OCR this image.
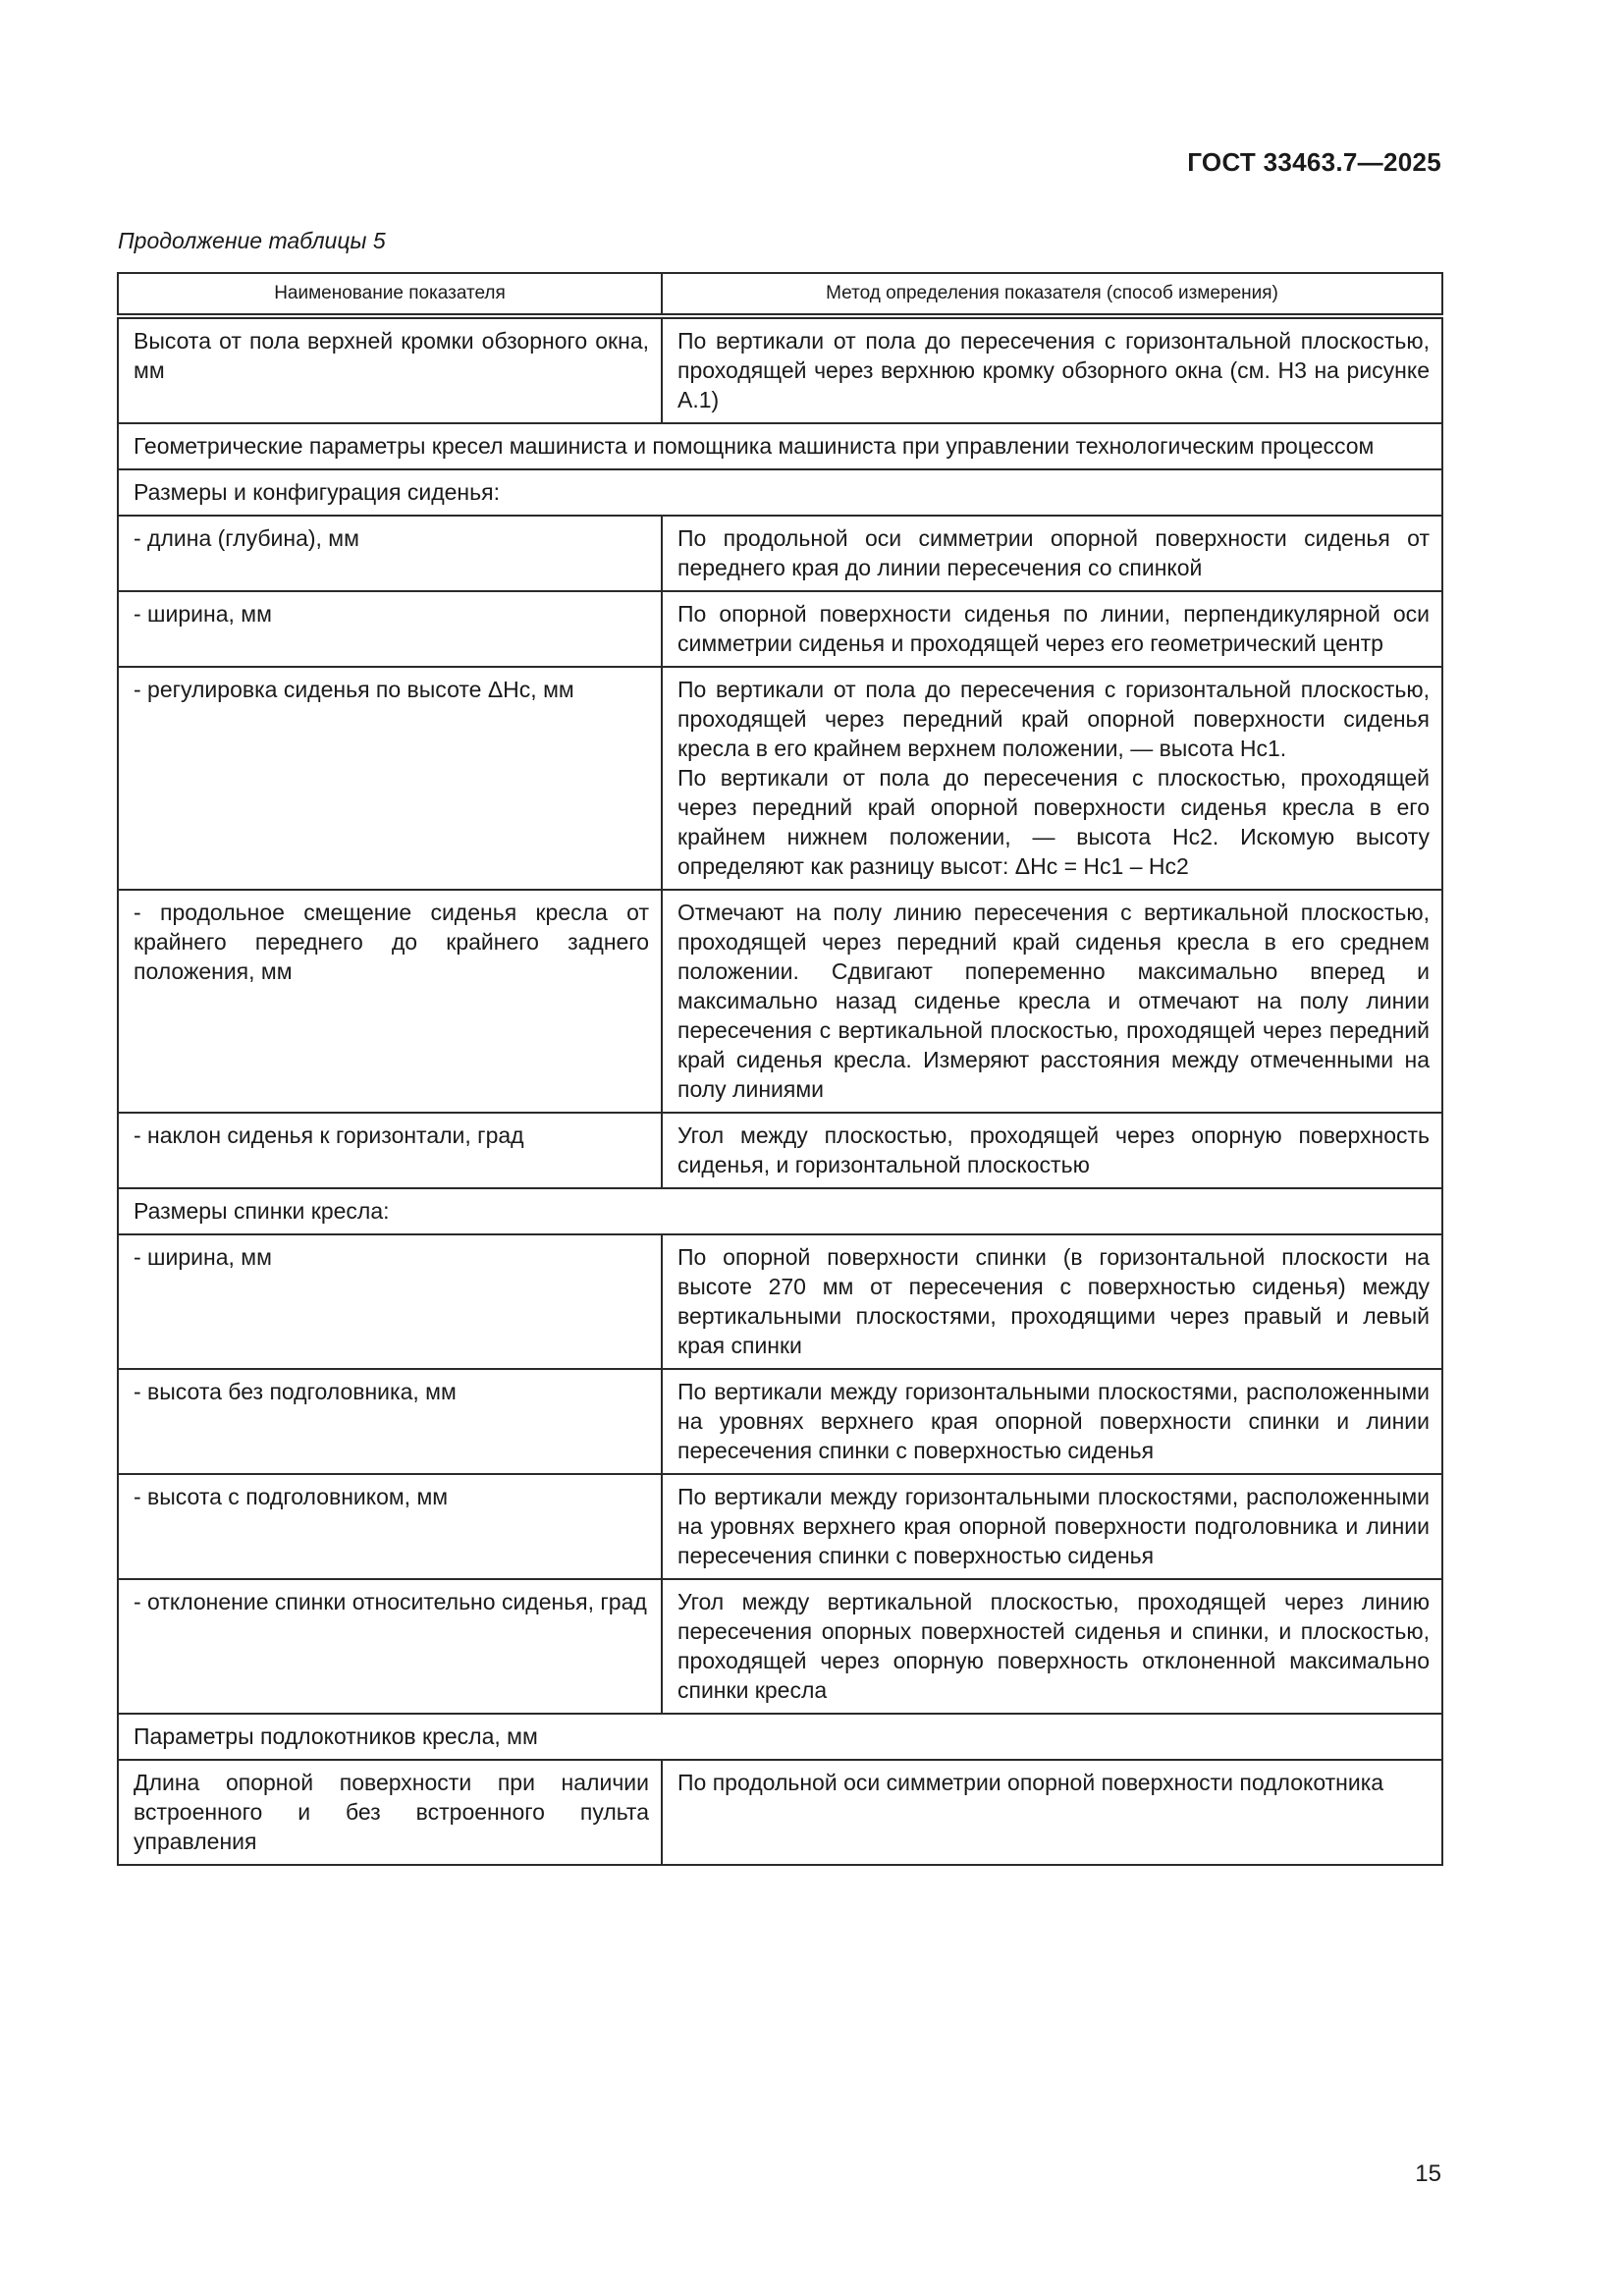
ГОСТ 33463.7—2025
Продолжение таблицы 5
Наименование показателя	Метод определения показателя (способ измерения)
Высота от пола верхней кромки обзорного окна, мм	По вертикали от пола до пересечения с горизонтальной плоскостью, проходящей через верхнюю кромку обзорного окна (см. H3 на рисунке А.1)
Геометрические параметры кресел машиниста и помощника машиниста при управлении технологическим процессом	
Размеры и конфигурация сиденья:	
- длина (глубина), мм	По продольной оси симметрии опорной поверхности сиденья от переднего края до линии пересечения со спинкой
- ширина, мм	По опорной поверхности сиденья по линии, перпендикулярной оси симметрии сиденья и проходящей через его геометрический центр
- регулировка сиденья по высоте ΔHс, мм	По вертикали от пола до пересечения с горизонтальной плоскостью, проходящей через передний край опорной поверхности сиденья кресла в его крайнем верхнем положении, — высота Hс1.
По вертикали от пола до пересечения с плоскостью, проходящей через передний край опорной поверхности сиденья кресла в его крайнем нижнем положении, — высота Hс2. Искомую высоту определяют как разницу высот: ΔHс = Hс1 – Hс2
- продольное смещение сиденья кресла от крайнего переднего до крайнего заднего положения, мм	Отмечают на полу линию пересечения с вертикальной плоскостью, проходящей через передний край сиденья кресла в его среднем положении. Сдвигают попеременно максимально вперед и максимально назад сиденье кресла и отмечают на полу линии пересечения с вертикальной плоскостью, проходящей через передний край сиденья кресла. Измеряют расстояния между отмеченными на полу линиями
- наклон сиденья к горизонтали, град	Угол между плоскостью, проходящей через опорную поверхность сиденья, и горизонтальной плоскостью
Размеры спинки кресла:	
- ширина, мм	По опорной поверхности спинки (в горизонтальной плоскости на высоте 270 мм от пересечения с поверхностью сиденья) между вертикальными плоскостями, проходящими через правый и левый края спинки
- высота без подголовника, мм	По вертикали между горизонтальными плоскостями, расположенными на уровнях верхнего края опорной поверхности спинки и линии пересечения спинки с поверхностью сиденья
- высота с подголовником, мм	По вертикали между горизонтальными плоскостями, расположенными на уровнях верхнего края опорной поверхности подголовника и линии пересечения спинки с поверхностью сиденья
- отклонение спинки относительно сиденья, град	Угол между вертикальной плоскостью, проходящей через линию пересечения опорных поверхностей сиденья и спинки, и плоскостью, проходящей через опорную поверхность отклоненной максимально спинки кресла
Параметры подлокотников кресла, мм	
Длина опорной поверхности при наличии встроенного и без встроенного пульта управления	По продольной оси симметрии опорной поверхности подлокотника
15
